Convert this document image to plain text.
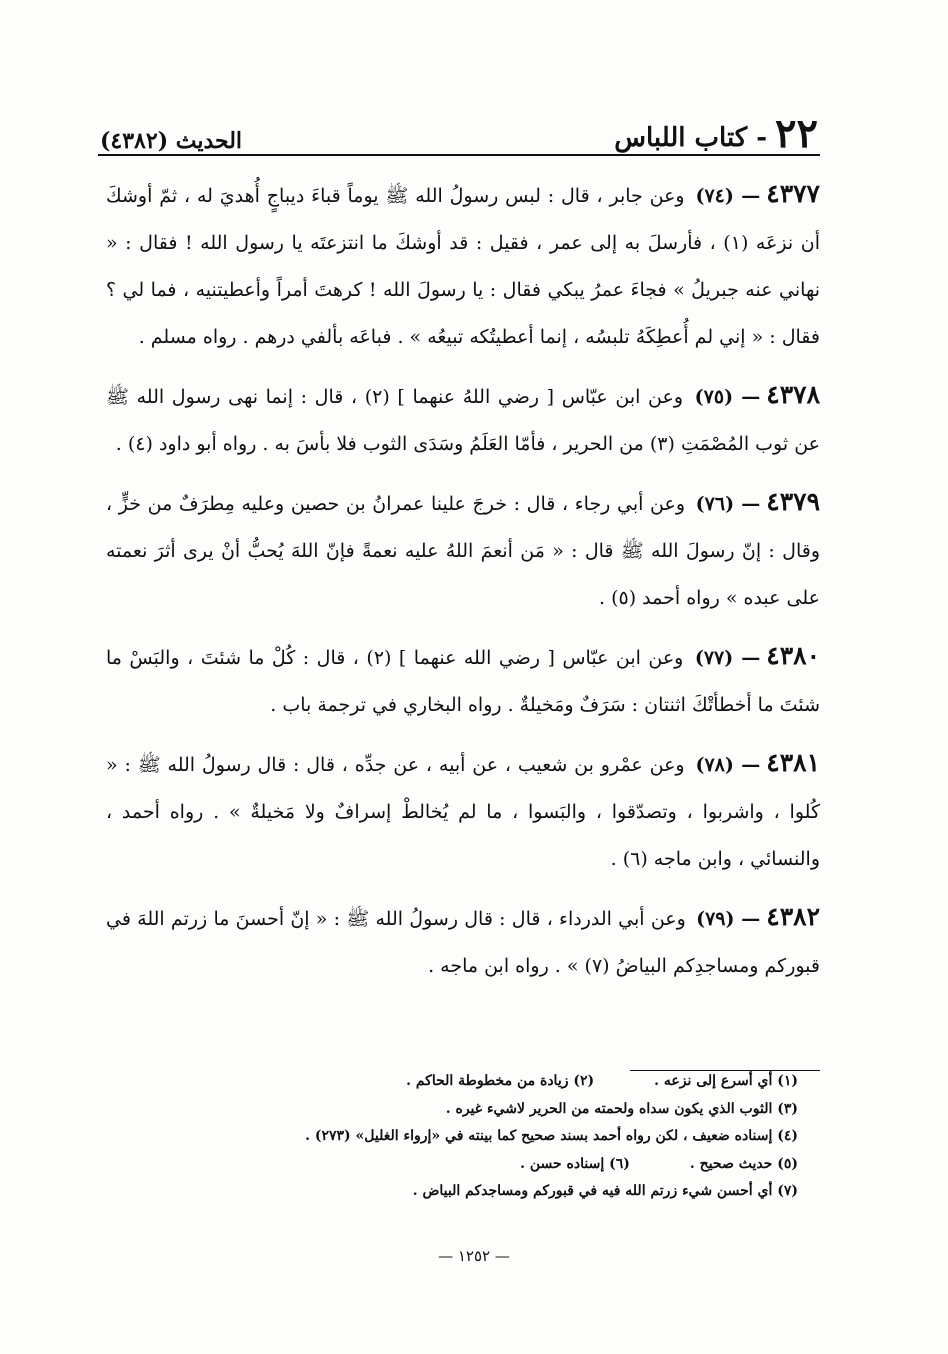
٢٢
- كتاب اللباس
الحديث (٤٣٨٢)

٤٣٧٧— (٧٤) وعن جابر ، قال : لبس رسولُ الله ﷺ يوماً قباءَ ديباجٍ أُهديَ له ، ثمّ أوشكَ أن نزعَه (١) ، فأرسلَ به إلى عمر ، فقيل : قد أوشكَ ما انتزعتَه يا رسول الله ! فقال : « نهاني عنه جبريلُ » فجاءَ عمرُ يبكي فقال : يا رسولَ الله ! كرهتَ أمراً وأعطيتنيه ، فما لي ؟ فقال : « إني لم أُعطِكَهُ تلبسُه ، إنما أعطيتُكه تبيعُه » . فباعَه بألفي درهم . رواه مسلم .

٤٣٧٨— (٧٥) وعن ابن عبّاس [ رضي اللهُ عنهما ] (٢) ، قال : إنما نهى رسول الله ﷺ عن ثوب المُصْمَتِ (٣) من الحرير ، فأمّا العَلَمُ وسَدَى الثوب فلا بأسَ به . رواه أبو داود (٤) .

٤٣٧٩— (٧٦) وعن أبي رجاء ، قال : خرجَ علينا عمرانُ بن حصين وعليه مِطرَفٌ من خزٍّ ، وقال : إنّ رسولَ الله ﷺ قال : « مَن أنعمَ اللهُ عليه نعمةً فإنّ اللهَ يُحبُّ أنْ يرى أثرَ نعمته على عبده » رواه أحمد (٥) .

٤٣٨٠— (٧٧) وعن ابن عبّاس [ رضي الله عنهما ] (٢) ، قال : كُلْ ما شئتَ ، والبَسْ ما شئتَ ما أخطأتْكَ اثنتان : سَرَفٌ ومَخيلةٌ . رواه البخاري في ترجمة باب .

٤٣٨١— (٧٨) وعن عمْرو بن شعيب ، عن أبيه ، عن جدِّه ، قال : قال رسولُ الله ﷺ : « كُلوا ، واشربوا ، وتصدّقوا ، والبَسوا ، ما لم يُخالطْ إسرافٌ ولا مَخيلةٌ » . رواه أحمد ، والنسائي ، وابن ماجه (٦) .

٤٣٨٢— (٧٩) وعن أبي الدرداء ، قال : قال رسولُ الله ﷺ : « إنّ أحسنَ ما زرتم اللهَ في قبوركم ومساجدِكم البياضُ (٧) » . رواه ابن ماجه .

(١) أي أسرع إلى نزعه .
(٢) زيادة من مخطوطة الحاكم .
(٣) الثوب الذي يكون سداه ولحمته من الحرير لاشيء غيره .
(٤) إسناده ضعيف ، لكن رواه أحمد بسند صحيح كما بينته في «إرواء الغليل» (٢٧٣) .
(٥) حديث صحيح .
(٦) إسناده حسن .
(٧) أي أحسن شيء زرتم الله فيه في قبوركم ومساجدكم البياض .
— ١٢٥٢ —
